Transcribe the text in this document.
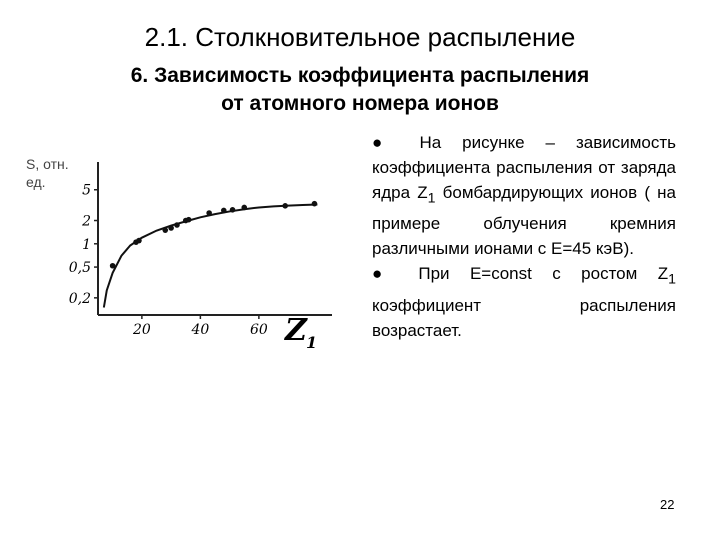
2.1. Столкновительное распыление
6. Зависимость коэффициента распыления
от атомного номера ионов
S, отн.
ед.
0,2
0,5
1
2
5
20	40	60 Z 1

● На рисунке – зависимость коэффициента распыления от заряда ядра $Z_1$ бомбардирующих ионов ( на примере облучения кремния различными ионами с E=45 кэВ).

● При E=const с ростом $Z_1$ коэффициент распыления возрастает.

22
